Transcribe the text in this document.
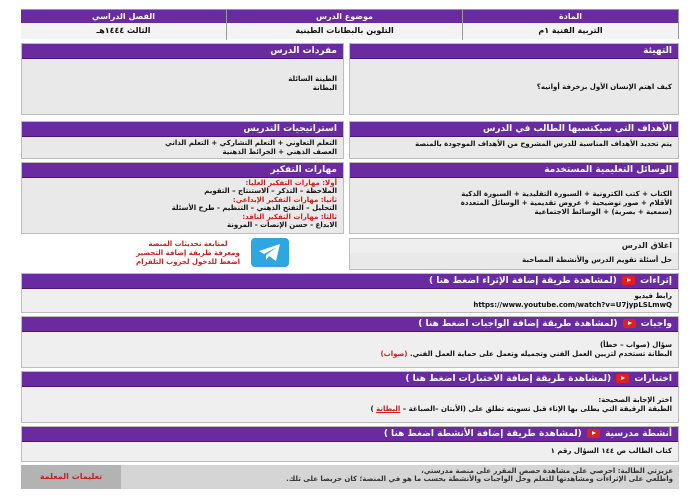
المادة
التربية الفنية ١م
موضوع الدرس
التلوين بالبطانات الطينية
الفصل الدراسي
الثالث ١٤٤٤هـ
التهيئة
كيف اهتم الإنسان الأول بزخرفة أوانيه؟
مفردات الدرس
الطينة السائلة
البطانة
الأهداف التي سيكتسبها الطالب في الدرس
يتم تحديد الأهداف المناسبة للدرس المشروح من الأهداف الموجودة بالمنصة
استراتيجيات التدريس
التعلم التعاوني + التعلم التشاركي + التعلم الذاتي
العصف الذهني + الخرائط الذهنية
الوسائل التعليمية المستخدمة
الكتاب + كتب الكترونية + السبورة التقليدية + السبورة الذكية
الأقلام + صور توضيحية + عروض تقديمية + الوسائل المتعددة
(سمعية + بصرية) + الوسائط الاجتماعية
مهارات التفكير
أولا: مهارات التفكير العليا:
الملاحظة – التذكر – الاستنتاج – التقويم
ثانيا: مهارات التفكير الإبداعي:
التحليل – التفتح الذهني – التنظيم - طرح الأسئلة
ثالثا: مهارات التفكير الناقد:
الابداع - حسن الإنصات - المرونة
اغلاق الدرس
حل أسئلة تقويم الدرس والأنشطة المصاحبة
لمتابعة تحديثات المنصة
ومعرفة طريقة إضافة التحضير
اضغط للدخول لجروب التلقرام
إثراءات  (لمشاهدة طريقة إضافة الإثراء اضغط هنا )
رابط فيديو
https://www.youtube.com/watch?v=U7jypLSLmwQ
واجبات  (لمشاهدة طريقة إضافة الواجبات اضغط هنا )
سؤال (صواب – خطأ)
البطانة تستخدم لتزيين العمل الفني وتجميله وتعمل على حماية العمل الفني. (صواب)
اختبارات  (لمشاهدة طريقة إضافة الاختبارات اضغط هنا )
اختر الإجابة الصحيحة:
الطبقة الرقيقة التي يطلى بها الإناء قبل تسويته تطلق على (الأبتان –الصباغة – البطانة )
أنشطة مدرسية  (لمشاهدة طريقة إضافة الأنشطة اضغط هنا )
كتاب الطالب ص ١٤٤ السؤال رقم ١
تعليمات المعلمة
عزيزتي الطالبة: احرصي على مشاهدة حصص المقرر على منصة مدرستي،
واطلعي على الإثراءات ومشاهدتها للتعلم وحل الواجبات والأنشطة بحسب ما هو في المنصة؛ كان حريصا على تلك.
